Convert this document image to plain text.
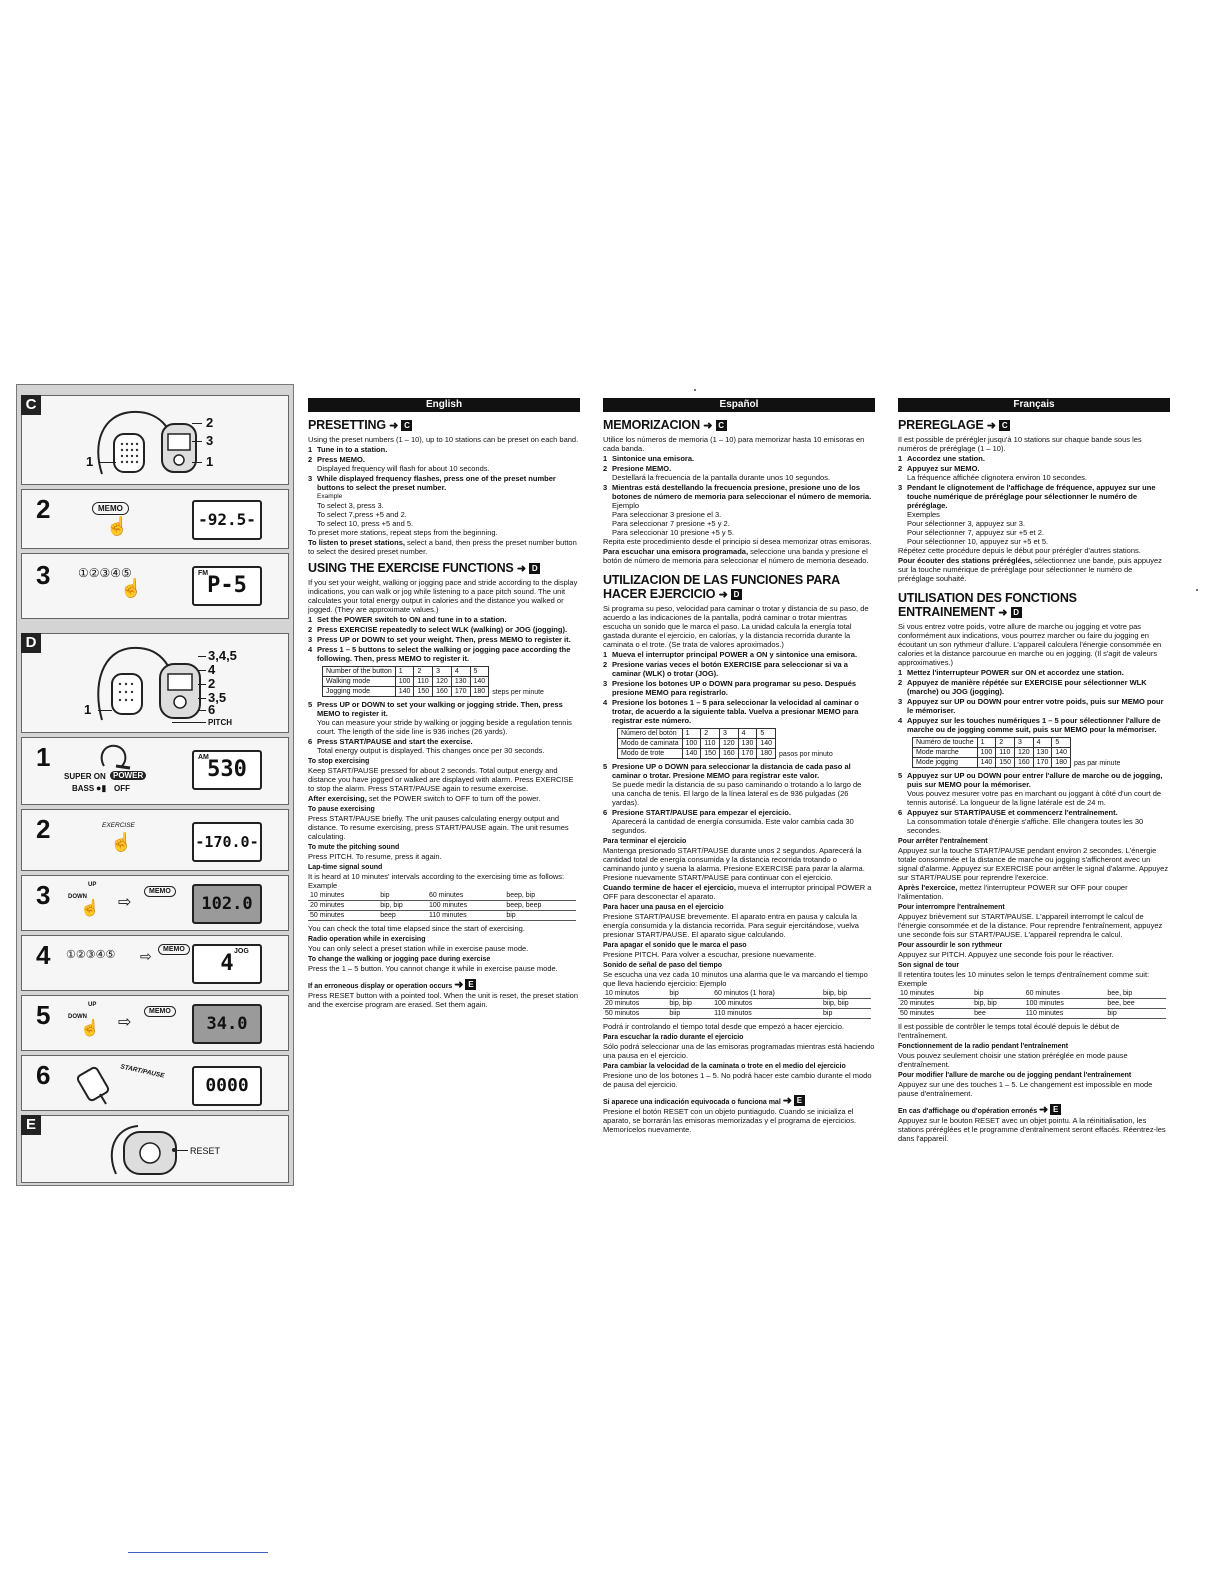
C
2
3
1	1
2	MEMO
☝	-92.5-
3 ①②③④⑤
☝
FM P-5
D
3,4,5
4
2
3,5
6
PITCH
1
1
SUPER ON POWER
BASS ●▮ OFF
AM
530
2	EXERCISE
☝	-170.0-
3	UP
DOWN
☝ ⇨
MEMO
102.0
4 ①②③④⑤ ⇨	MEMO	JOG
4
5	UP
DOWN
☝ ⇨
MEMO
34.0
6	START/PAUSE
0000
E
RESET
English
PRESETTING ➜ C

Using the preset numbers (1 – 10), up to 10 stations can be preset on each band.

1 Tune in to a station.

2 Press MEMO.

Displayed frequency will flash for about 10 seconds.

3 While displayed frequency flashes, press one of the preset number buttons to select the preset number.

Example

To select 3, press 3.

To select 7,press +5 and 2.

To select 10, press +5 and 5.

To preset more stations, repeat steps from the beginning.

To listen to preset stations, select a band, then press the preset number button to select the desired preset number.

USING THE EXERCISE FUNCTIONS ➜ D

If you set your weight, walking or jogging pace and stride according to the display indications, you can walk or jog while listening to a pace pitch sound. The unit calculates your total energy output in calories and the distance you walked or jogged. (They are approximate values.)

1 Set the POWER switch to ON and tune in to a station.

2 Press EXERCISE repeatedly to select WLK (walking) or JOG (jogging).

3 Press UP or DOWN to set your weight. Then, press MEMO to register it.

4 Press 1 – 5 buttons to select the walking or jogging pace according the following. Then, press MEMO to register it.

Number of the button	1	2	3	4	5	
Walking mode	100	110	120	130	140	
Jogging mode	140	150	160	170	180	steps per minute

5 Press UP or DOWN to set your walking or jogging stride. Then, press MEMO to register it.

You can measure your stride by walking or jogging beside a regulation tennis court. The length of the side line is 936 inches (26 yards).

6 Press START/PAUSE and start the exercise.

Total energy output is displayed. This changes once per 30 seconds.

To stop exercising

Keep START/PAUSE pressed for about 2 seconds. Total output energy and distance you have jogged or walked are displayed with alarm. Press EXERCISE to stop the alarm. Press START/PAUSE again to resume exercise.

After exercising, set the POWER switch to OFF to turn off the power.

To pause exercising

Press START/PAUSE briefly. The unit pauses calculating energy output and distance. To resume exercising, press START/PAUSE again. The unit resumes calculating.

To mute the pitching sound

Press PITCH. To resume, press it again.

Lap-time signal sound

It is heard at 10 minutes' intervals according to the exercising time as follows: Example

10 minutes	bip	60 minutes	beep, bip
20 minutes	bip, bip	100 minutes	beep, beep
50 minutes	beep	110 minutes	bip

You can check the total time elapsed since the start of exercising.

Radio operation while in exercising

You can only select a preset station while in exercise pause mode.

To change the walking or jogging pace during exercise

Press the 1 – 5 button. You cannot change it while in exercise pause mode.

If an erroneous display or operation occurs ➜ E

Press RESET button with a pointed tool. When the unit is reset, the preset station and the exercise program are erased. Set them again.

Español
MEMORIZACION ➜ C

Utilice los números de memoria (1 – 10) para memorizar hasta 10 emisoras en cada banda.

1 Sintonice una emisora.

2 Presione MEMO.

Destellará la frecuencia de la pantalla durante unos 10 segundos.

3 Mientras está destellando la frecuencia presione, presione uno de los botones de número de memoria para seleccionar el número de memoria.

Ejemplo

Para seleccionar 3 presione el 3.

Para seleccionar 7 presione +5 y 2.

Para seleccionar 10 presione +5 y 5.

Repita este procedimiento desde el principio si desea memorizar otras emisoras.

Para escuchar una emisora programada, seleccione una banda y presione el botón de número de memoria para seleccionar el número de memoria deseado.

UTILIZACION DE LAS FUNCIONES PARA HACER EJERCICIO ➜ D

Si programa su peso, velocidad para caminar o trotar y distancia de su paso, de acuerdo a las indicaciones de la pantalla, podrá caminar o trotar mientras escucha un sonido que le marca el paso. La unidad calcula la energía total gastada durante el ejercicio, en calorías, y la distancia recorrida durante la caminata o el trote. (Se trata de valores aproximados.)

1 Mueva el interruptor principal POWER a ON y sintonice una emisora.

2 Presione varias veces el botón EXERCISE para seleccionar si va a caminar (WLK) o trotar (JOG).

3 Presione los botones UP o DOWN para programar su peso. Después presione MEMO para registrarlo.

4 Presione los botones 1 – 5 para seleccionar la velocidad al caminar o trotar, de acuerdo a la siguiente tabla. Vuelva a presionar MEMO para registrar este número.

Número del botón	1	2	3	4	5	
Modo de caminata	100	110	120	130	140	
Modo de trote	140	150	160	170	180	pasos por minuto

5 Presione UP o DOWN para seleccionar la distancia de cada paso al caminar o trotar. Presione MEMO para registrar este valor.

Se puede medir la distancia de su paso caminando o trotando a lo largo de una cancha de tenis. El largo de la línea lateral es de 936 pulgadas (26 yardas).

6 Presione START/PAUSE para empezar el ejercicio.

Aparecerá la cantidad de energía consumida. Este valor cambia cada 30 segundos.

Para terminar el ejercicio

Mantenga presionado START/PAUSE durante unos 2 segundos. Aparecerá la cantidad total de energía consumida y la distancia recorrida trotando o caminando junto y suena la alarma. Presione EXERCISE para parar la alarma. Presione nuevamente START/PAUSE para continuar con el ejercicio.

Cuando termine de hacer el ejercicio, mueva el interruptor principal POWER a OFF para desconectar el aparato.

Para hacer una pausa en el ejercicio

Presione START/PAUSE brevemente. El aparato entra en pausa y calcula la energía consumida y la distancia recorrida. Para seguir ejercitándose, vuelva presionar START/PAUSE. El aparato sigue calculando.

Para apagar el sonido que le marca el paso

Presione PITCH. Para volver a escuchar, presione nuevamente.

Sonido de señal de paso del tiempo

Se escucha una vez cada 10 minutos una alarma que le va marcando el tiempo que lleva haciendo ejercicio: Ejemplo

10 minutos	bip	60 minutos (1 hora)	biip, bip
20 minutos	bip, bip	100 minutos	biip, biip
50 minutos	biip	110 minutos	bip

Podrá ir controlando el tiempo total desde que empezó a hacer ejercicio.

Para escuchar la radio durante el ejercicio

Sólo podrá seleccionar una de las emisoras programadas mientras está haciendo una pausa en el ejercicio.

Para cambiar la velocidad de la caminata o trote en el medio del ejercicio

Presione uno de los botones 1 – 5. No podrá hacer este cambio durante el modo de pausa del ejercicio.

Si aparece una indicación equivocada o funciona mal ➜ E

Presione el botón RESET con un objeto puntiagudo. Cuando se inicializa el aparato, se borrarán las emisoras memorizadas y el programa de ejercicios. Memorícelos nuevamente.

Français
PREREGLAGE ➜ C

Il est possible de prérégler jusqu'à 10 stations sur chaque bande sous les numéros de préréglage (1 – 10).

1 Accordez une station.

2 Appuyez sur MEMO.

La fréquence affichée clignotera environ 10 secondes.

3 Pendant le clignotement de l'affichage de fréquence, appuyez sur une touche numérique de préréglage pour sélectionner le numéro de préréglage.

Exemples

Pour sélectionner 3, appuyez sur 3.

Pour sélectionner 7, appuyez sur +5 et 2.

Pour sélectionner 10, appuyez sur +5 et 5.

Répétez cette procédure depuis le début pour prérégler d'autres stations.

Pour écouter des stations préréglées, sélectionnez une bande, puis appuyez sur la touche numérique de préréglage pour sélectionner le numéro de préréglage souhaité.

UTILISATION DES FONCTIONS ENTRAINEMENT ➜ D

Si vous entrez votre poids, votre allure de marche ou jogging et votre pas conformément aux indications, vous pourrez marcher ou faire du jogging en écoutant un son rythmeur d'allure. L'appareil calculera l'énergie consommée en calories et la distance parcourue en marche ou en jogging. (Il s'agit de valeurs approximatives.)

1 Mettez l'interrupteur POWER sur ON et accordez une station.

2 Appuyez de manière répétée sur EXERCISE pour sélectionner WLK (marche) ou JOG (jogging).

3 Appuyez sur UP ou DOWN pour entrer votre poids, puis sur MEMO pour le mémoriser.

4 Appuyez sur les touches numériques 1 – 5 pour sélectionner l'allure de marche ou de jogging comme suit, puis sur MEMO pour la mémoriser.

Numéro de touche	1	2	3	4	5	
Mode marche	100	110	120	130	140	
Mode jogging	140	150	160	170	180	pas par minute

5 Appuyez sur UP ou DOWN pour entrer l'allure de marche ou de jogging, puis sur MEMO pour la mémoriser.

Vous pouvez mesurer votre pas en marchant ou joggant à côté d'un court de tennis autorisé. La longueur de la ligne latérale est de 24 m.

6 Appuyez sur START/PAUSE et commencerz l'entraînement.

La consommation totale d'énergie s'affiche. Elle changera toutes les 30 secondes.

Pour arrêter l'entraînement

Appuyez sur la touche START/PAUSE pendant environ 2 secondes. L'énergie totale consommée et la distance de marche ou jogging s'afficheront avec un signal d'alarme. Appuyez sur EXERCISE pour arrêter le signal d'alarme. Appuyez sur START/PAUSE pour reprendre l'exercice.

Après l'exercice, mettez l'interrupteur POWER sur OFF pour couper l'alimentation.

Pour interrompre l'entraînement

Appuyez brièvement sur START/PAUSE. L'appareil interrompt le calcul de l'énergie consommée et de la distance. Pour reprendre l'entraînement, appuyez une seconde fois sur START/PAUSE. L'appareil reprendra le calcul.

Pour assourdir le son rythmeur

Appuyez sur PITCH. Appuyez une seconde fois pour le réactiver.

Son signal de tour

Il retentira toutes les 10 minutes selon le temps d'entraînement comme suit: Exemple

10 minutes	bip	60 minutes	bee, bip
20 minutes	bip, bip	100 minutes	bee, bee
50 minutes	bee	110 minutes	bip

Il est possible de contrôler le temps total écoulé depuis le début de l'entraînement.

Fonctionnement de la radio pendant l'entraînement

Vous pouvez seulement choisir une station préréglée en mode pause d'entraînement.

Pour modifier l'allure de marche ou de jogging pendant l'entraînement

Appuyez sur une des touches 1 – 5. Le changement est impossible en mode pause d'entraînement.

En cas d'affichage ou d'opération erronés ➜ E

Appuyez sur le bouton RESET avec un objet pointu. A la réinitialisation, les stations préréglées et le programme d'entraînement seront effacés. Réentrez-les dans l'appareil.
